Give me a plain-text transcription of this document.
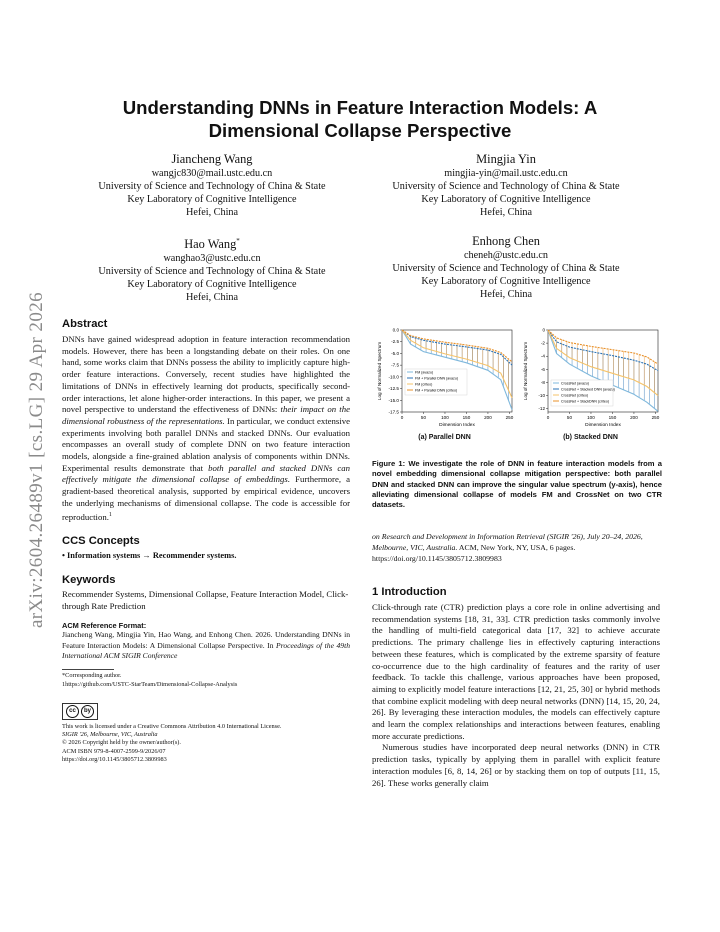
arXiv:2604.26489v1 [cs.LG] 29 Apr 2026
Understanding DNNs in Feature Interaction Models: A
Dimensional Collapse Perspective
Jiancheng Wang
wangjc830@mail.ustc.edu.cn
University of Science and Technology of China & State
Key Laboratory of Cognitive Intelligence
Hefei, China
Mingjia Yin
mingjia-yin@mail.ustc.edu.cn
University of Science and Technology of China & State
Key Laboratory of Cognitive Intelligence
Hefei, China
Hao Wang*
wanghao3@ustc.edu.cn
University of Science and Technology of China & State
Key Laboratory of Cognitive Intelligence
Hefei, China
Enhong Chen
cheneh@ustc.edu.cn
University of Science and Technology of China & State
Key Laboratory of Cognitive Intelligence
Hefei, China
Abstract
DNNs have gained widespread adoption in feature interaction recommendation models. However, there has been a longstanding debate on their roles. On one hand, some works claim that DNNs possess the ability to implicitly capture high-order feature interactions. Conversely, recent studies have highlighted the limitations of DNNs in effectively learning dot products, specifically second-order interactions, let alone higher-order interactions. In this paper, we present a novel perspective to understand the effectiveness of DNNs: their impact on the dimensional robustness of the representations. In particular, we conduct extensive experiments involving both parallel DNNs and stacked DNNs. Our evaluation encompasses an overall study of complete DNN on two feature interaction models, alongside a fine-grained ablation analysis of components within DNNs. Experimental results demonstrate that both parallel and stacked DNNs can effectively mitigate the dimensional collapse of embeddings. Furthermore, a gradient-based theoretical analysis, supported by empirical evidence, uncovers the underlying mechanisms of dimensional collapse. The code is accessible for reproduction.$^1$
CCS Concepts
• Information systems → Recommender systems.
Keywords
Recommender Systems, Dimensional Collapse, Feature Interaction Model, Click-through Rate Prediction
ACM Reference Format:
Jiancheng Wang, Mingjia Yin, Hao Wang, and Enhong Chen. 2026. Understanding DNNs in Feature Interaction Models: A Dimensional Collapse Perspective. In Proceedings of the 49th International ACM SIGIR Conference
*Corresponding author.
1https://github.com/USTC-StarTeam/Dimensional-Collapse-Analysis
cc	by
This work is licensed under a Creative Commons Attribution 4.0 International License.
SIGIR '26, Melbourne, VIC, Australia
© 2026 Copyright held by the owner/author(s).
ACM ISBN 979-8-4007-2599-9/2026/07
https://doi.org/10.1145/3805712.3809983
0	50	100	150	200	250
0.0
-2.5
-5.0
-7.5
-10.0
-12.5
-15.0
-17.5
Dimension Index
Log of Normalized Spectrum	FM (avazu)
FM + Parallel DNN (avazu)
FM (criteo)
FM + Parallel DNN (criteo)
0	50	100	150	200	250
0
-2
-4
-6
-8
-10
-12
Dimension Index
Log of Normalized Spectrum	CrossNet (avazu)
CrossNet + Stacked DNN (avazu)
CrossNet (criteo)
CrossNet + StackDNN (criteo)
(a) Parallel DNN	(b) Stacked DNN
Figure 1: We investigate the role of DNN in feature interaction models from a novel embedding dimensional collapse mitigation perspective: both parallel DNN and stacked DNN can improve the singular value spectrum (y-axis), hence alleviating dimensional collapse of models FM and CrossNet on two CTR datasets.
on Research and Development in Information Retrieval (SIGIR '26), July 20–24, 2026, Melbourne, VIC, Australia. ACM, New York, NY, USA, 6 pages. https://doi.org/10.1145/3805712.3809983
1 Introduction
Click-through rate (CTR) prediction plays a core role in online advertising and recommendation systems [18, 31, 33]. CTR prediction tasks commonly involve the handling of multi-field categorical data [17, 32] to achieve accurate predictions. The primary challenge lies in effectively capturing interactions between these features, which is complicated by the extreme sparsity of feature co-occurrence due to the high cardinality of features and the rarity of user feedback. To tackle this challenge, various approaches have been proposed, aiming to explicitly model feature interactions [12, 21, 25, 30] or hybrid methods that combine explicit modeling with deep neural networks (DNN) [14, 15, 20, 24, 26]. By leveraging these interaction modules, the models can effectively capture and learn the complex relationships and interactions between features, enabling more accurate predictions.
Numerous studies have incorporated deep neural networks (DNN) in CTR prediction tasks, typically by applying them in parallel with explicit feature interaction modules [6, 8, 14, 26] or by stacking them on top of outputs [11, 15, 26]. These works generally claim
